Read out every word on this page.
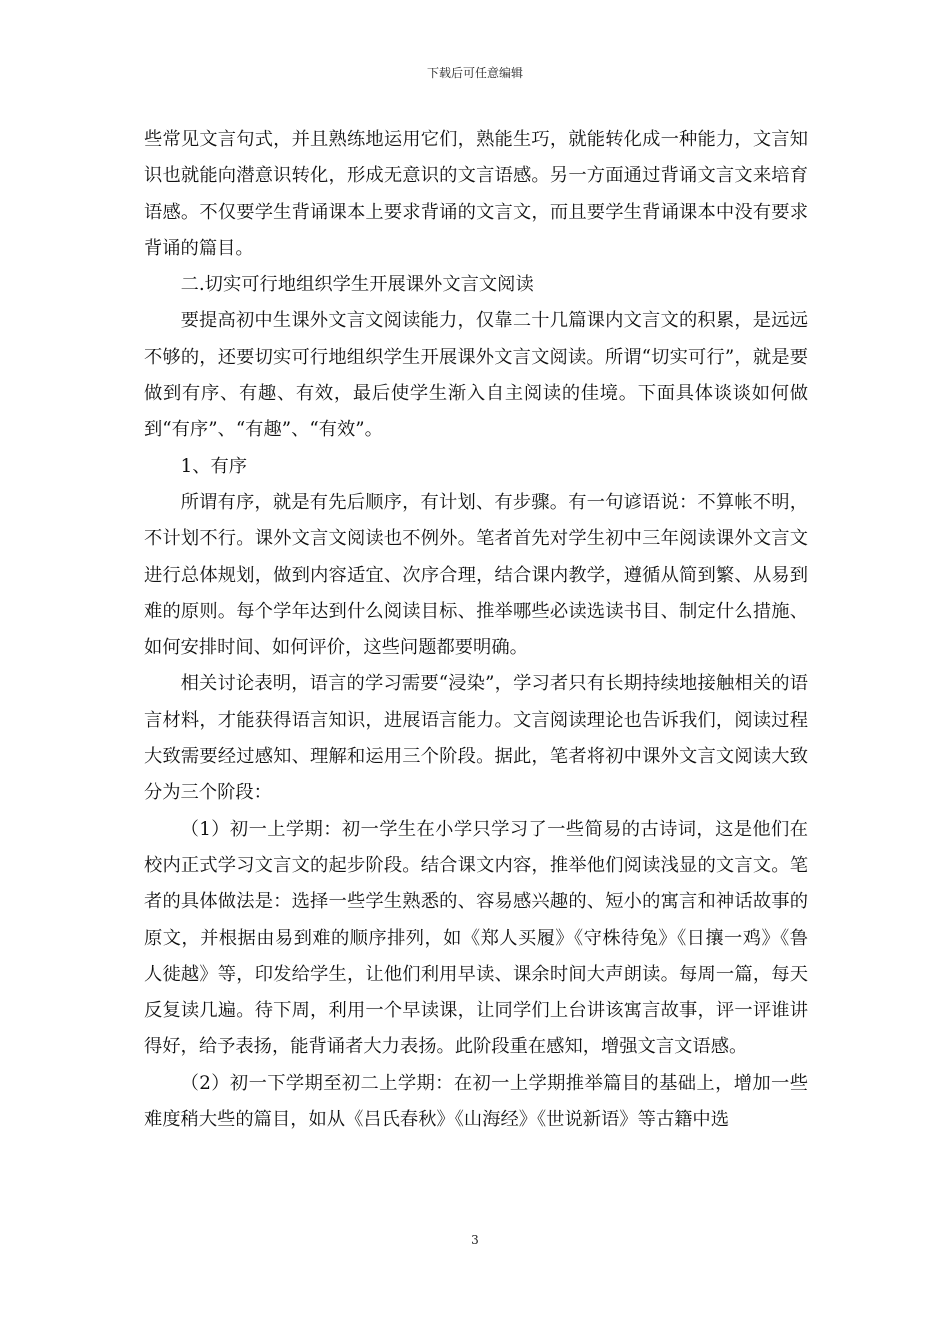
下载后可任意编辑

些常见文言句式，并且熟练地运用它们，熟能生巧，就能转化成一种能力，文言知识也就能向潜意识转化，形成无意识的文言语感。另一方面通过背诵文言文来培育语感。不仅要学生背诵课本上要求背诵的文言文，而且要学生背诵课本中没有要求背诵的篇目。

二.切实可行地组织学生开展课外文言文阅读

要提高初中生课外文言文阅读能力，仅靠二十几篇课内文言文的积累，是远远不够的，还要切实可行地组织学生开展课外文言文阅读。所谓“切实可行”，就是要做到有序、有趣、有效，最后使学生渐入自主阅读的佳境。下面具体谈谈如何做到“有序”、“有趣”、“有效”。

1、有序

所谓有序，就是有先后顺序，有计划、有步骤。有一句谚语说：不算帐不明，不计划不行。课外文言文阅读也不例外。笔者首先对学生初中三年阅读课外文言文进行总体规划，做到内容适宜、次序合理，结合课内教学，遵循从简到繁、从易到难的原则。每个学年达到什么阅读目标、推举哪些必读选读书目、制定什么措施、如何安排时间、如何评价，这些问题都要明确。

相关讨论表明，语言的学习需要“浸染”，学习者只有长期持续地接触相关的语言材料，才能获得语言知识，进展语言能力。文言阅读理论也告诉我们，阅读过程大致需要经过感知、理解和运用三个阶段。据此，笔者将初中课外文言文阅读大致分为三个阶段：

（1）初一上学期：初一学生在小学只学习了一些简易的古诗词，这是他们在校内正式学习文言文的起步阶段。结合课文内容，推举他们阅读浅显的文言文。笔者的具体做法是：选择一些学生熟悉的、容易感兴趣的、短小的寓言和神话故事的原文，并根据由易到难的顺序排列，如《郑人买履》《守株待兔》《日攘一鸡》《鲁人徙越》等，印发给学生，让他们利用早读、课余时间大声朗读。每周一篇，每天反复读几遍。待下周，利用一个早读课，让同学们上台讲该寓言故事，评一评谁讲得好，给予表扬，能背诵者大力表扬。此阶段重在感知，增强文言文语感。

（2）初一下学期至初二上学期：在初一上学期推举篇目的基础上，增加一些难度稍大些的篇目，如从《吕氏春秋》《山海经》《世说新语》等古籍中选

3
